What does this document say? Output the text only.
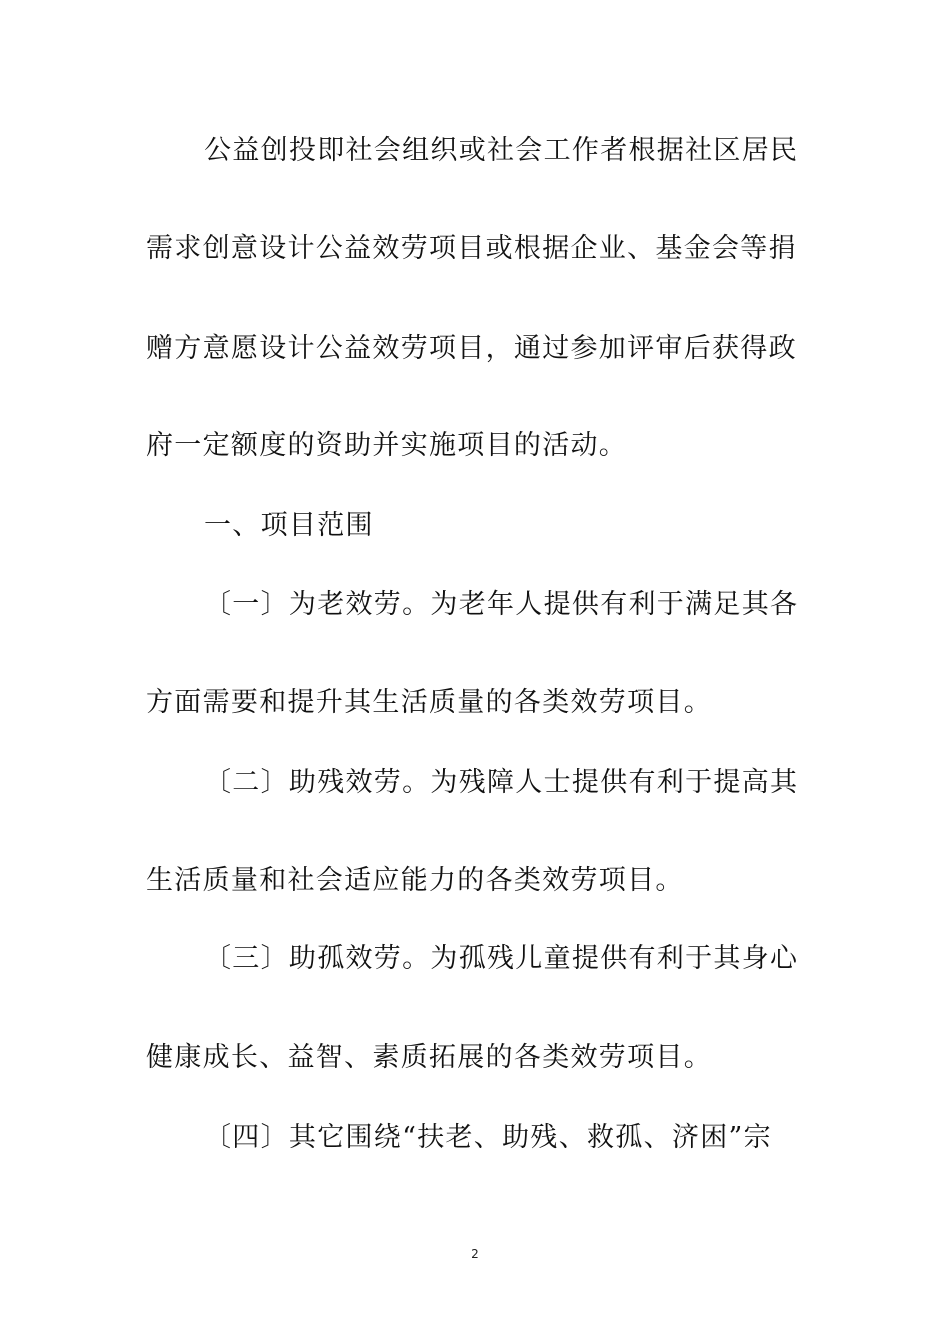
公益创投即社会组织或社会工作者根据社区居民
需求创意设计公益效劳项目或根据企业、基金会等捐
赠方意愿设计公益效劳项目，通过参加评审后获得政
府一定额度的资助并实施项目的活动。
一、项目范围
〔一〕为老效劳。为老年人提供有利于满足其各
方面需要和提升其生活质量的各类效劳项目。
〔二〕助残效劳。为残障人士提供有利于提高其
生活质量和社会适应能力的各类效劳项目。
〔三〕助孤效劳。为孤残儿童提供有利于其身心
健康成长、益智、素质拓展的各类效劳项目。
〔四〕其它围绕“扶老、助残、救孤、济困”宗
2
